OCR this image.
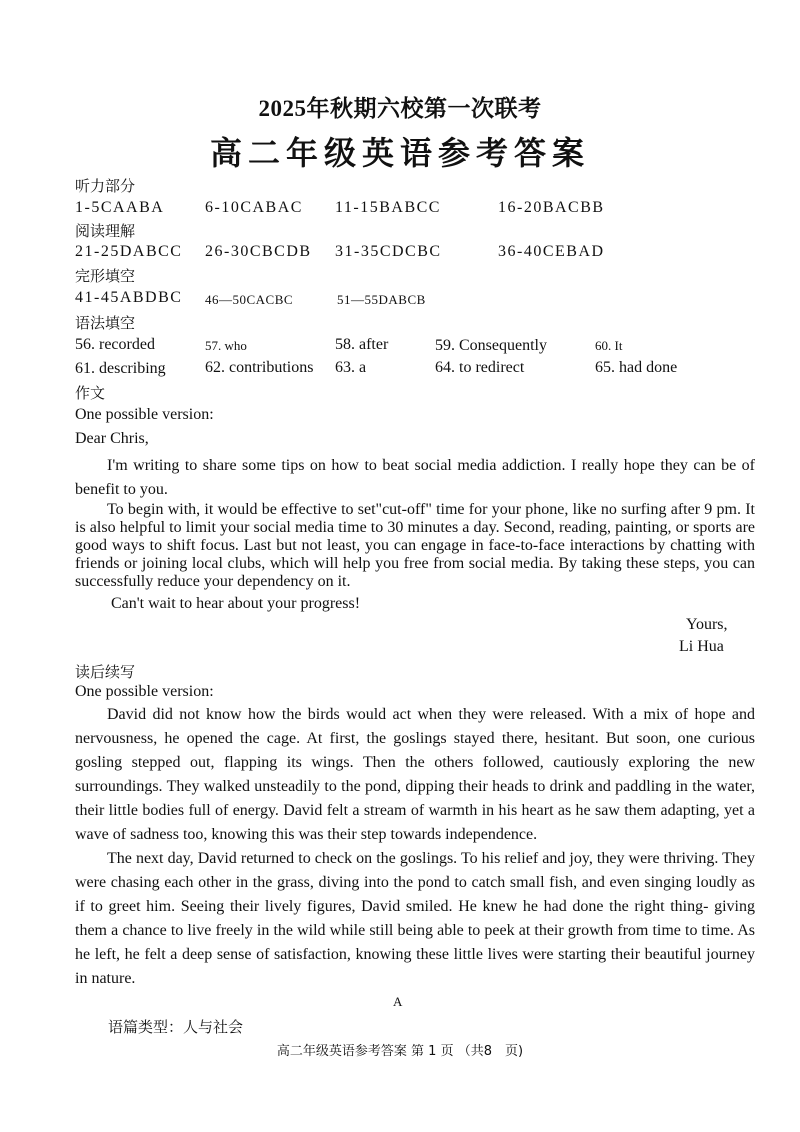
2025年秋期六校第一次联考
高二年级英语参考答案
听力部分
1-5CAABA	6-10CABAC 11-15BABCC	16-20BACBB
阅读理解
21-25DABCC 26-30CBCDB 31-35CDCBC	36-40CEBAD
完形填空
41-45ABDBC 46—50CACBC	51—55DABCB
语法填空
56. recorded	57. who	58. after	59. Consequently	60. It
61. describing 62. contributions 63. a	64. to redirect	65. had done
作文
One possible version:
Dear Chris,
I'm writing to share some tips on how to beat social media addiction. I really hope they can be of benefit to you.
To begin with, it would be effective to set"cut-off" time for your phone, like no surfing after 9 pm. It is also helpful to limit your social media time to 30 minutes a day. Second, reading, painting, or sports are good ways to shift focus. Last but not least, you can engage in face-to-face interactions by chatting with friends or joining local clubs, which will help you free from social media. By taking these steps, you can successfully reduce your dependency on it.
Can't wait to hear about your progress!
Yours,
Li Hua
读后续写
One possible version:
David did not know how the birds would act when they were released. With a mix of hope and nervousness, he opened the cage. At first, the goslings stayed there, hesitant. But soon, one curious gosling stepped out, flapping its wings. Then the others followed, cautiously exploring the new surroundings. They walked unsteadily to the pond, dipping their heads to drink and paddling in the water, their little bodies full of energy. David felt a stream of warmth in his heart as he saw them adapting, yet a wave of sadness too, knowing this was their step towards independence.
The next day, David returned to check on the goslings. To his relief and joy, they were thriving. They were chasing each other in the grass, diving into the pond to catch small fish, and even singing loudly as if to greet him. Seeing their lively figures, David smiled. He knew he had done the right thing- giving them a chance to live freely in the wild while still being able to peek at their growth from time to time. As he left, he felt a deep sense of satisfaction, knowing these little lives were starting their beautiful journey in nature.
A
语篇类型：人与社会
高二年级英语参考答案 第 1 页 （共8　页)
